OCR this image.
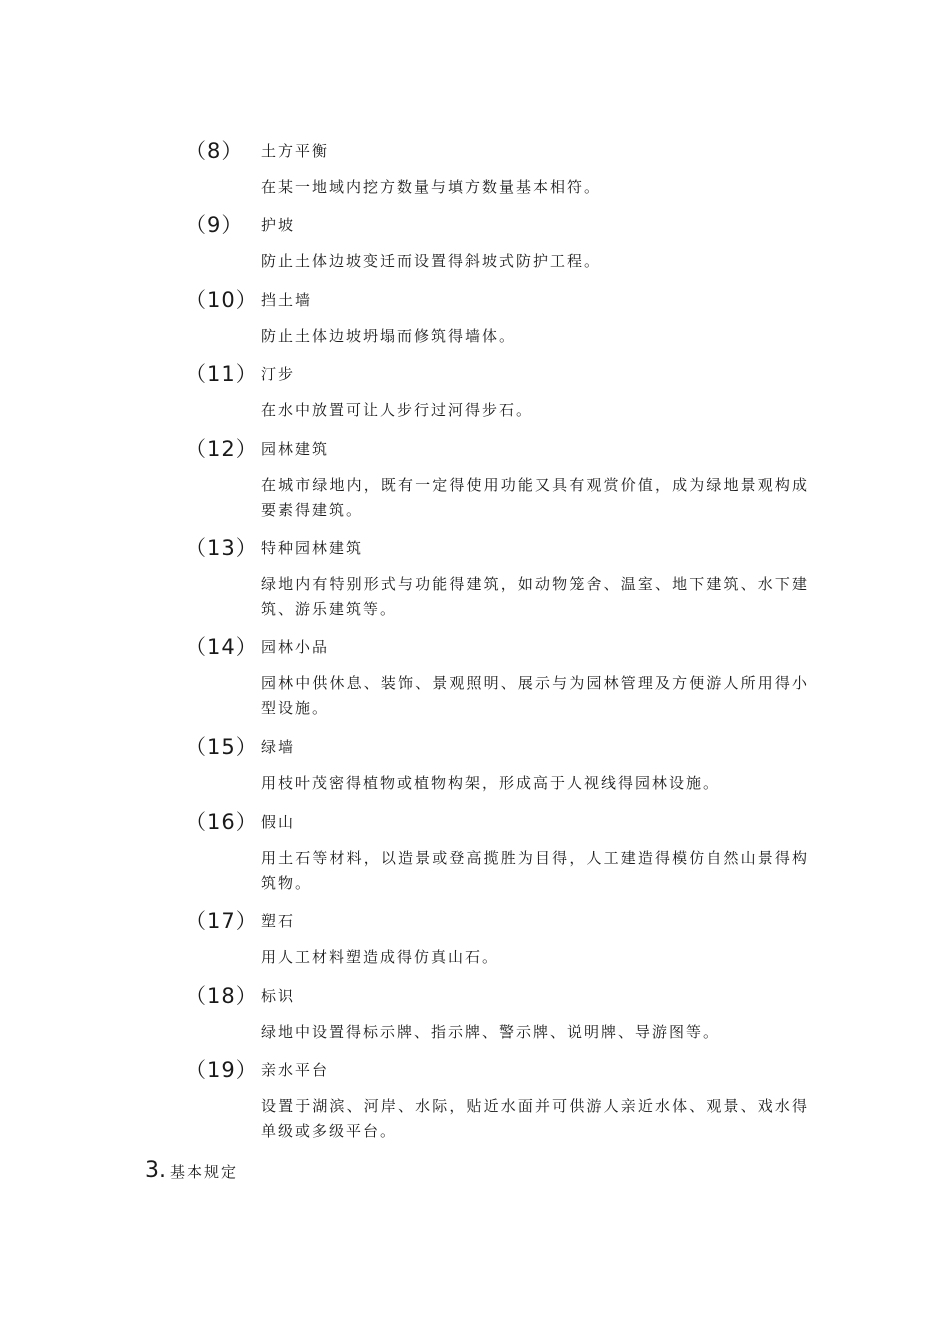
（8） 土方平衡
在某一地域内挖方数量与填方数量基本相符。
（9） 护坡
防止土体边坡变迁而设置得斜坡式防护工程。
（10） 挡土墙
防止土体边坡坍塌而修筑得墙体。
（11） 汀步
在水中放置可让人步行过河得步石。
（12） 园林建筑
在城市绿地内，既有一定得使用功能又具有观赏价值，成为绿地景观构成要素得建筑。
（13） 特种园林建筑
绿地内有特别形式与功能得建筑，如动物笼舍、温室、地下建筑、水下建筑、游乐建筑等。
（14） 园林小品
园林中供休息、装饰、景观照明、展示与为园林管理及方便游人所用得小型设施。
（15） 绿墙
用枝叶茂密得植物或植物构架，形成高于人视线得园林设施。
（16） 假山
用土石等材料，以造景或登高揽胜为目得，人工建造得模仿自然山景得构筑物。
（17） 塑石
用人工材料塑造成得仿真山石。
（18） 标识
绿地中设置得标示牌、指示牌、警示牌、说明牌、导游图等。
（19） 亲水平台
设置于湖滨、河岸、水际，贴近水面并可供游人亲近水体、观景、戏水得单级或多级平台。
3. 基本规定
